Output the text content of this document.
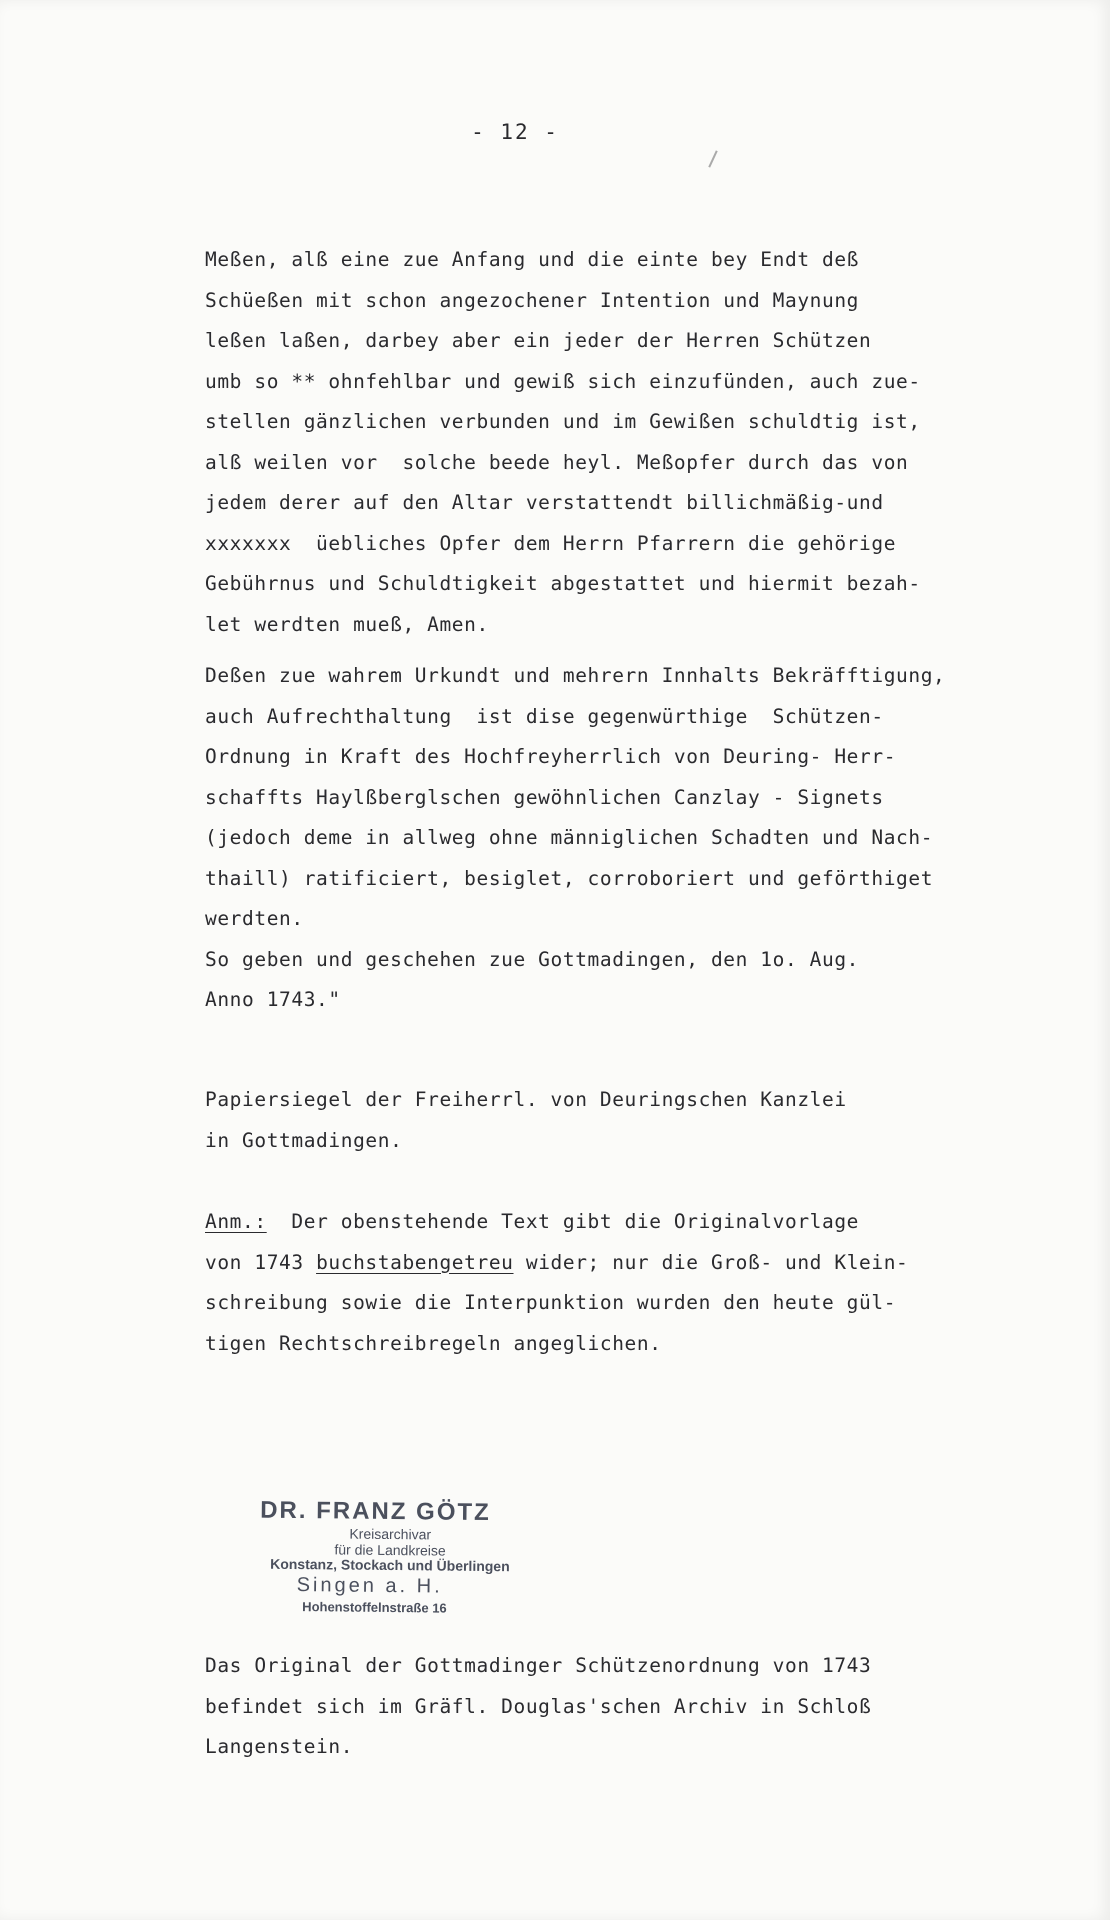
- 12 -
Meßen, alß eine zue Anfang und die einte bey Endt deß
Schüeßen mit schon angezochener Intention und Maynung
leßen laßen, darbey aber ein jeder der Herren Schützen
umb so ** ohnfehlbar und gewiß sich einzufünden, auch zue-
stellen gänzlichen verbunden und im Gewißen schuldtig ist,
alß weilen vor  solche beede heyl. Meßopfer durch das von
jedem derer auf den Altar verstattendt billichmäßig-und
xxxxxxx  üebliches Opfer dem Herrn Pfarrern die gehörige
Gebührnus und Schuldtigkeit abgestattet und hiermit bezah-
let werdten mueß, Amen.
Deßen zue wahrem Urkundt und mehrern Innhalts Bekräfftigung,
auch Aufrechthaltung  ist dise gegenwürthige  Schützen-
Ordnung in Kraft des Hochfreyherrlich von Deuring- Herr-
schaffts Haylßberglschen gewöhnlichen Canzlay - Signets
(jedoch deme in allweg ohne männiglichen Schadten und Nach-
thaill) ratificiert, besiglet, corroboriert und geförthiget
werdten.
So geben und geschehen zue Gottmadingen, den 1o. Aug.
Anno 1743."
Papiersiegel der Freiherrl. von Deuringschen Kanzlei
in Gottmadingen.
Anm.:  Der obenstehende Text gibt die Originalvorlage
von 1743 buchstabengetreu wider; nur die Groß- und Klein-
schreibung sowie die Interpunktion wurden den heute gül-
tigen Rechtschreibregeln angeglichen.
DR. FRANZ GÖTZ
Kreisarchivar
für die Landkreise
Konstanz, Stockach und Überlingen
Singen a. H.
Hohenstoffelnstraße 16
Das Original der Gottmadinger Schützenordnung von 1743
befindet sich im Gräfl. Douglas'schen Archiv in Schloß
Langenstein.
